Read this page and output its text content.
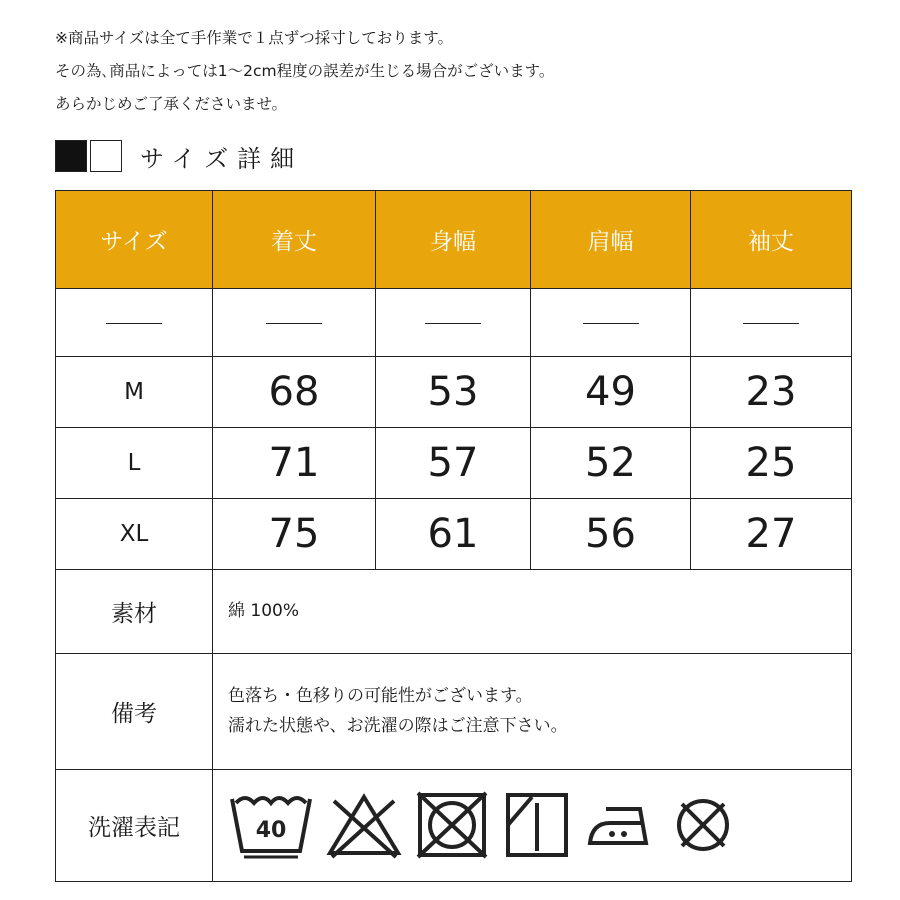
※商品サイズは全て手作業で１点ずつ採寸しております。
その為､商品によっては1〜2cm程度の誤差が生じる場合がございます。
あらかじめご了承くださいませ。
サイズ詳細
サイズ	着丈	身幅	肩幅	袖丈

M	68	53	49	23
L	71	57	52	25
XL	75	61	56	27
素材	綿 100%			
備考	色落ち・色移りの可能性がございます。
濡れた状態や、お洗濯の際はご注意下さい。			

洗濯表記	40			
